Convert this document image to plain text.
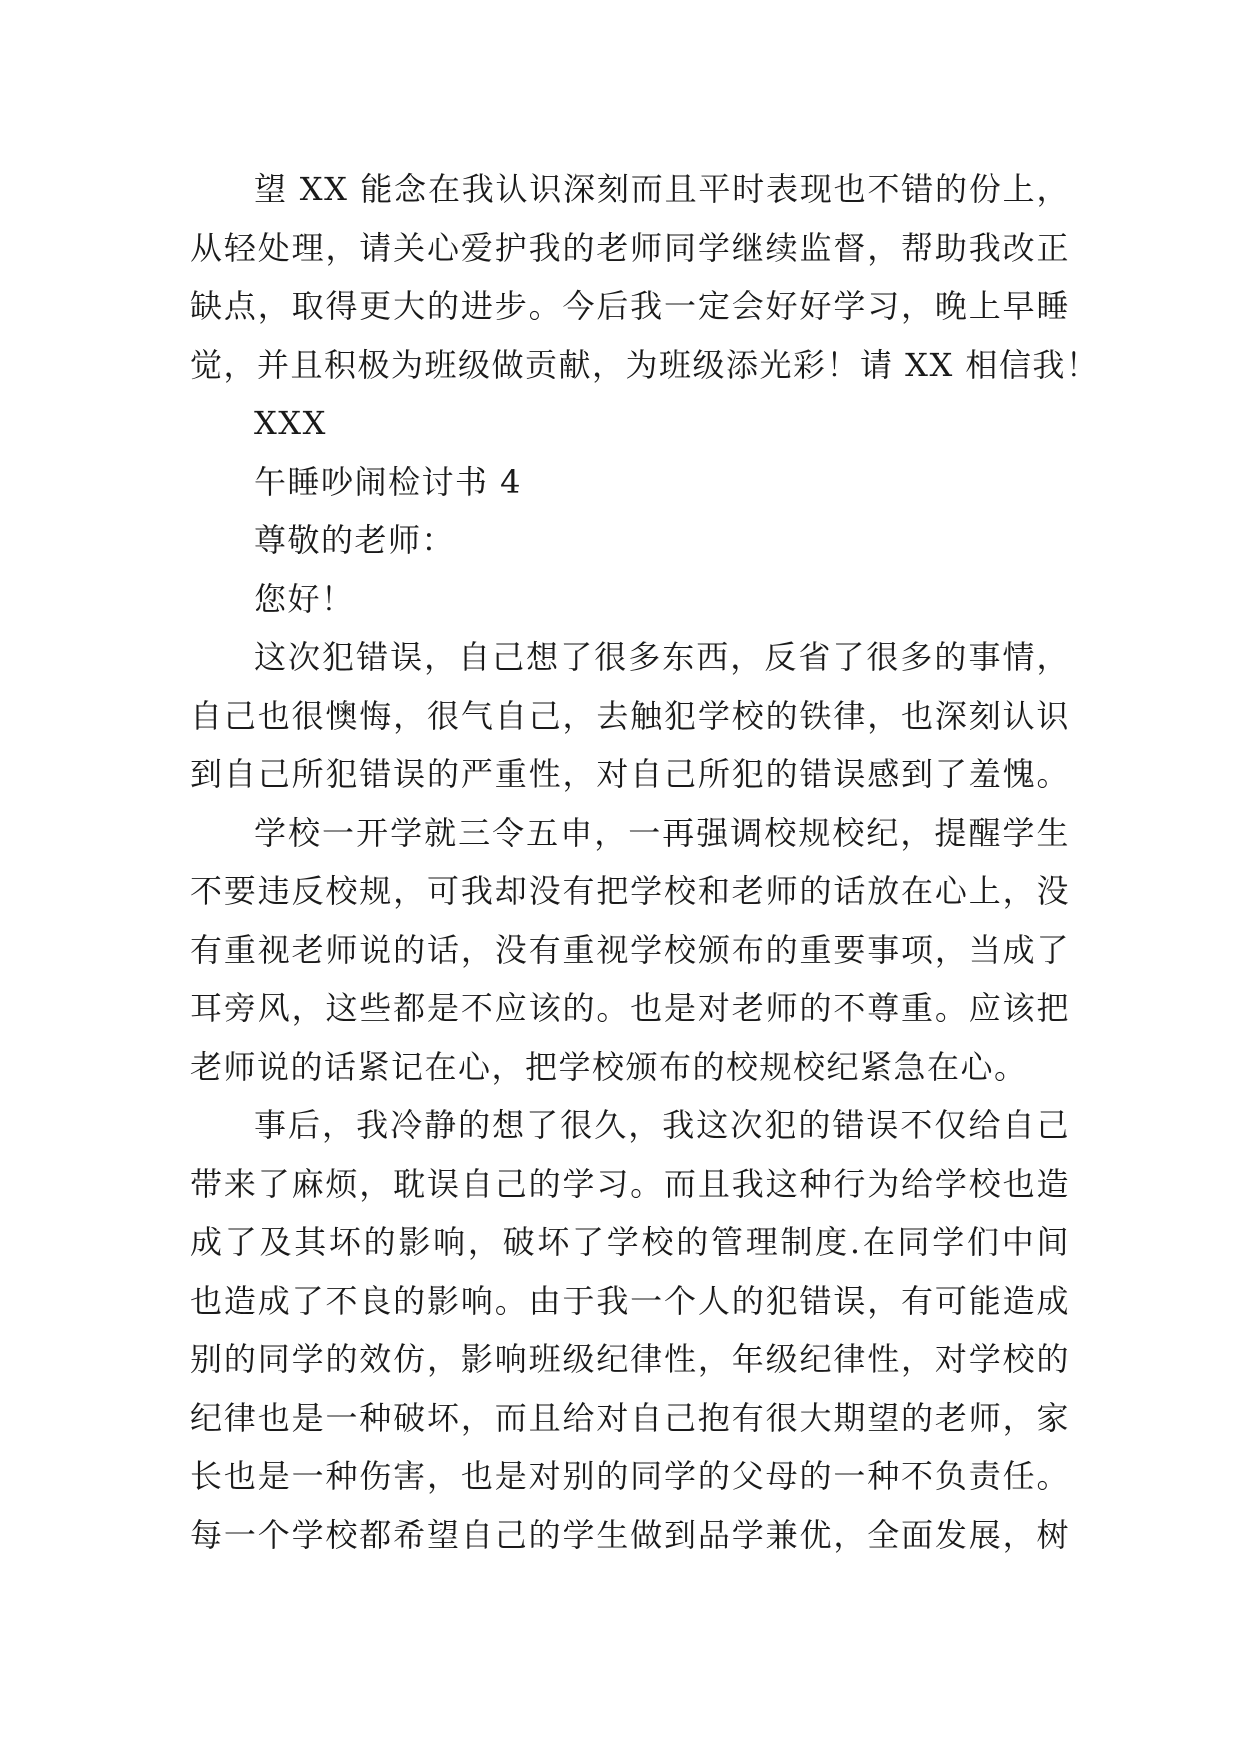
望 XX 能念在我认识深刻而且平时表现也不错的份上，
从轻处理，请关心爱护我的老师同学继续监督，帮助我改正
缺点，取得更大的进步。今后我一定会好好学习，晚上早睡
觉，并且积极为班级做贡献，为班级添光彩！请 XX 相信我！
XXX
午睡吵闹检讨书 4
尊敬的老师：
您好！
这次犯错误，自己想了很多东西，反省了很多的事情，
自己也很懊悔，很气自己，去触犯学校的铁律，也深刻认识
到自己所犯错误的严重性，对自己所犯的错误感到了羞愧。
学校一开学就三令五申，一再强调校规校纪，提醒学生
不要违反校规，可我却没有把学校和老师的话放在心上，没
有重视老师说的话，没有重视学校颁布的重要事项，当成了
耳旁风，这些都是不应该的。也是对老师的不尊重。应该把
老师说的话紧记在心，把学校颁布的校规校纪紧急在心。
事后，我冷静的想了很久，我这次犯的错误不仅给自己
带来了麻烦，耽误自己的学习。而且我这种行为给学校也造
成了及其坏的影响，破坏了学校的管理制度.在同学们中间
也造成了不良的影响。由于我一个人的犯错误，有可能造成
别的同学的效仿，影响班级纪律性，年级纪律性，对学校的
纪律也是一种破坏，而且给对自己抱有很大期望的老师，家
长也是一种伤害，也是对别的同学的父母的一种不负责任。
每一个学校都希望自己的学生做到品学兼优，全面发展，树
